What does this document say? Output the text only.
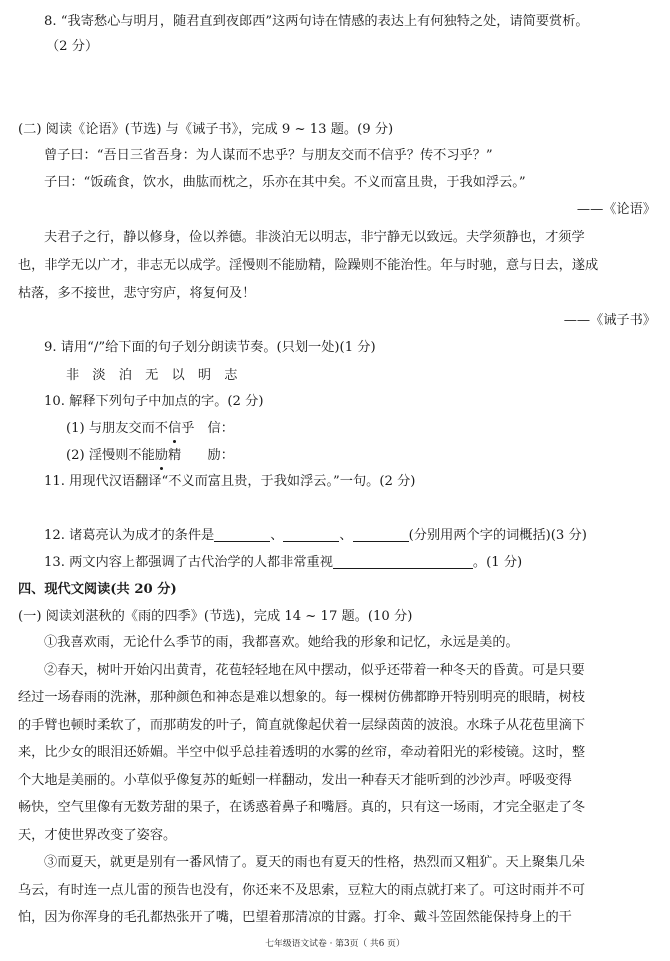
8. “我寄愁心与明月，随君直到夜郎西”这两句诗在情感的表达上有何独特之处，请简要赏析。
（2 分）
(二) 阅读《论语》(节选) 与《诫子书》，完成 9 ~ 13 题。(9 分)
曾子曰：“吾日三省吾身：为人谋而不忠乎？与朋友交而不信乎？传不习乎？”
子曰：“饭疏食，饮水，曲肱而枕之，乐亦在其中矣。不义而富且贵，于我如浮云。”
——《论语》
夫君子之行，静以修身，俭以养德。非淡泊无以明志，非宁静无以致远。夫学须静也，才须学
也，非学无以广才，非志无以成学。淫慢则不能励精，险躁则不能治性。年与时驰，意与日去，遂成
枯落，多不接世，悲守穷庐，将复何及！
——《诫子书》
9. 请用“/”给下面的句子划分朗读节奏。(只划一处)(1 分)
非　淡　泊　无　以　明　志
10. 解释下列句子中加点的字。(2 分)
(1) 与朋友交而不信乎　信：
(2) 淫慢则不能励精　　励：
11. 用现代汉语翻译“不义而富且贵，于我如浮云。”一句。(2 分)
12. 诸葛亮认为成才的条件是	、	、	(分别用两个字的词概括)(3 分)
13. 两文内容上都强调了古代治学的人都非常重视	。(1 分)
四、现代文阅读(共 20 分)
(一) 阅读刘湛秋的《雨的四季》(节选)，完成 14 ~ 17 题。(10 分)
①我喜欢雨，无论什么季节的雨，我都喜欢。她给我的形象和记忆，永远是美的。
②春天，树叶开始闪出黄青，花苞轻轻地在风中摆动，似乎还带着一种冬天的昏黄。可是只要
经过一场春雨的洗淋，那种颜色和神态是难以想象的。每一棵树仿佛都睁开特别明亮的眼睛，树枝
的手臂也顿时柔软了，而那萌发的叶子，简直就像起伏着一层绿茵茵的波浪。水珠子从花苞里滴下
来，比少女的眼泪还娇媚。半空中似乎总挂着透明的水雾的丝帘，牵动着阳光的彩棱镜。这时，整
个大地是美丽的。小草似乎像复苏的蚯蚓一样翻动，发出一种春天才能听到的沙沙声。呼吸变得
畅快，空气里像有无数芳甜的果子，在诱惑着鼻子和嘴唇。真的，只有这一场雨，才完全驱走了冬
天，才使世界改变了姿容。
③而夏天，就更是别有一番风情了。夏天的雨也有夏天的性格，热烈而又粗犷。天上聚集几朵
乌云，有时连一点儿雷的预告也没有，你还来不及思索，豆粒大的雨点就打来了。可这时雨并不可
怕，因为你浑身的毛孔都热张开了嘴，巴望着那清凉的甘露。打伞、戴斗笠固然能保持身上的干
七年级语文试卷 · 第3页（ 共6 页）
